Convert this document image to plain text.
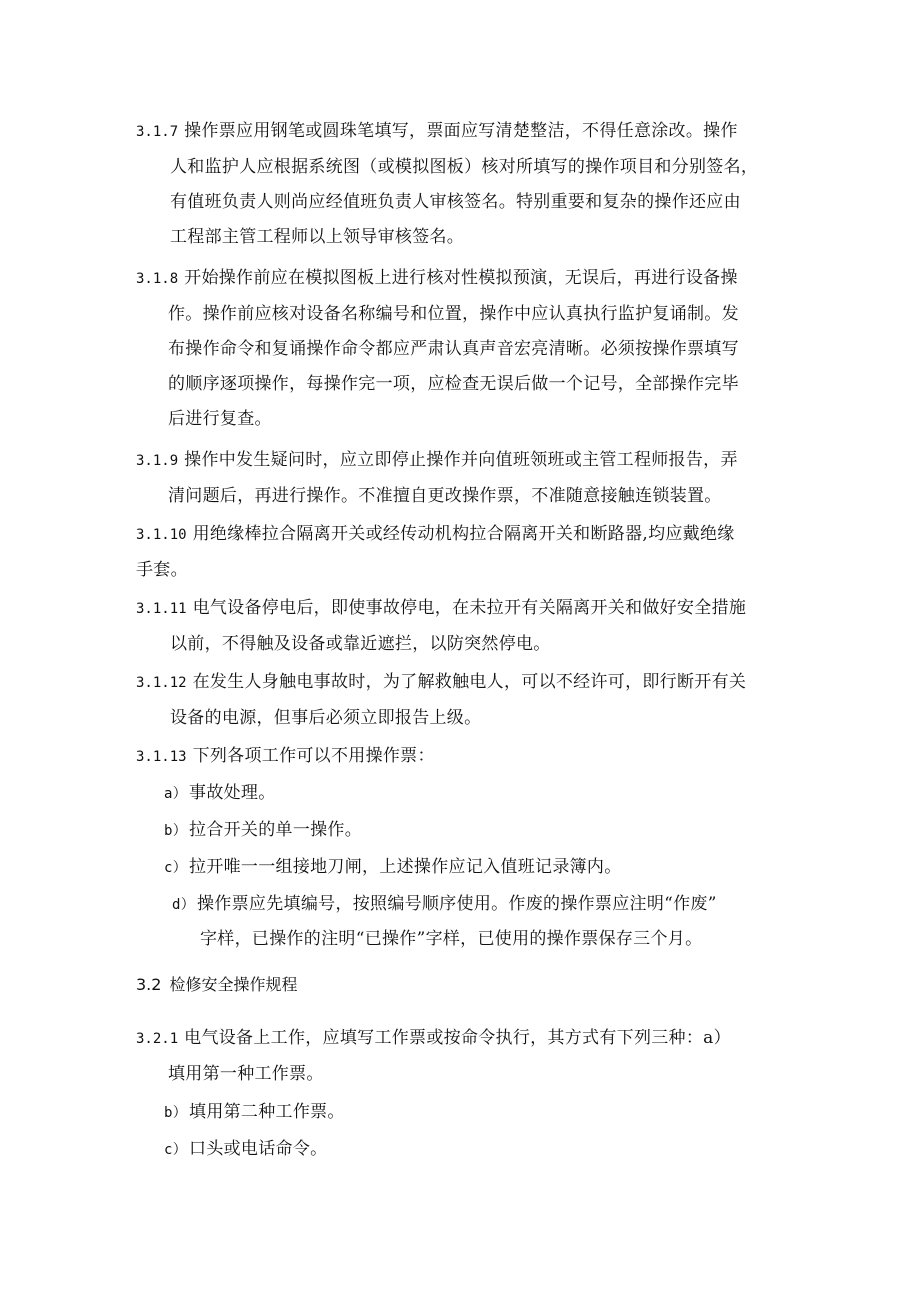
3.1.7 操作票应用钢笔或圆珠笔填写，票面应写清楚整洁，不得任意涂改。操作
人和监护人应根据系统图（或模拟图板）核对所填写的操作项目和分别签名，
有值班负责人则尚应经值班负责人审核签名。特别重要和复杂的操作还应由
工程部主管工程师以上领导审核签名。
3.1.8 开始操作前应在模拟图板上进行核对性模拟预演，无误后，再进行设备操
作。操作前应核对设备名称编号和位置，操作中应认真执行监护复诵制。发
布操作命令和复诵操作命令都应严肃认真声音宏亮清晰。必须按操作票填写
的顺序逐项操作，每操作完一项，应检查无误后做一个记号，全部操作完毕
后进行复查。
3.1.9 操作中发生疑问时，应立即停止操作并向值班领班或主管工程师报告，弄
清问题后，再进行操作。不准擅自更改操作票，不准随意接触连锁装置。
3.1.10 用绝缘棒拉合隔离开关或经传动机构拉合隔离开关和断路器,均应戴绝缘
手套。
3.1.11 电气设备停电后，即使事故停电，在未拉开有关隔离开关和做好安全措施
以前，不得触及设备或靠近遮拦，以防突然停电。
3.1.12 在发生人身触电事故时，为了解救触电人，可以不经许可，即行断开有关
设备的电源，但事后必须立即报告上级。
3.1.13 下列各项工作可以不用操作票：
a） 事故处理。
b） 拉合开关的单一操作。
c） 拉开唯一一组接地刀闸，上述操作应记入值班记录簿内。
d） 操作票应先填编号，按照编号顺序使用。作废的操作票应注明“作废”
字样，已操作的注明“已操作”字样，已使用的操作票保存三个月。
3.2 检修安全操作规程
3.2.1 电气设备上工作，应填写工作票或按命令执行，其方式有下列三种：a）
填用第一种工作票。
b） 填用第二种工作票。
c） 口头或电话命令。
